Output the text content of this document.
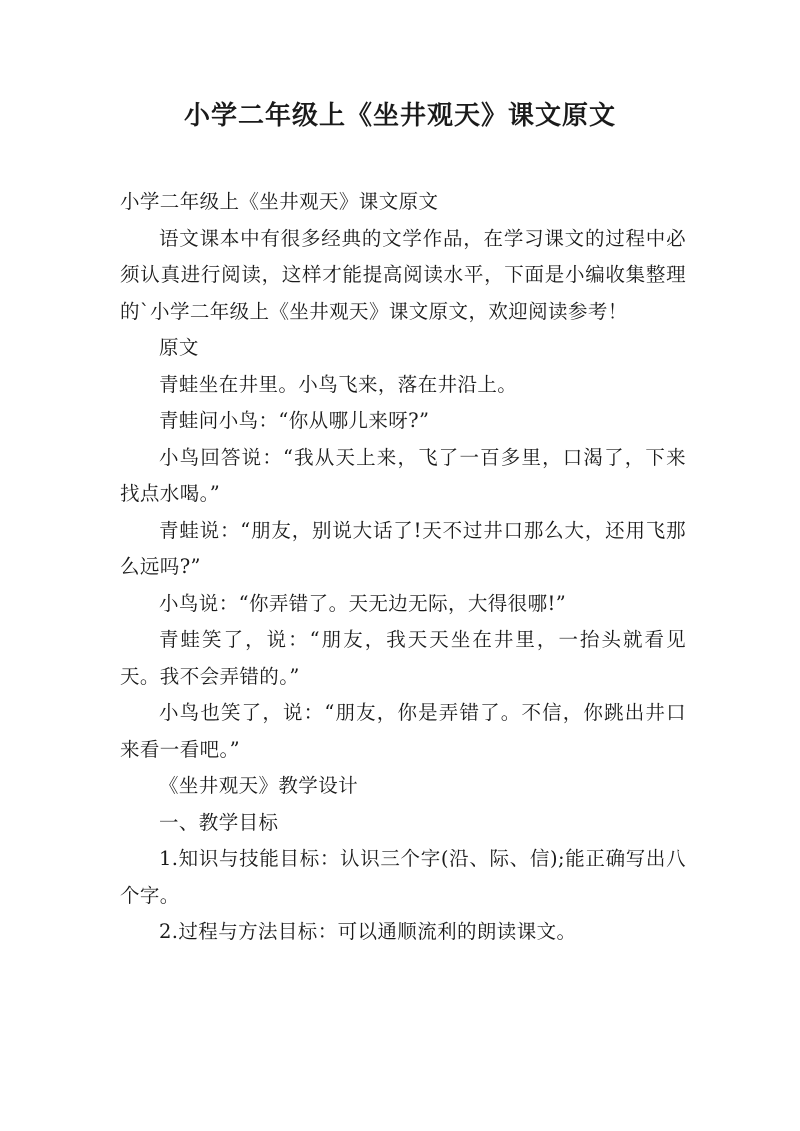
小学二年级上《坐井观天》课文原文

小学二年级上《坐井观天》课文原文

语文课本中有很多经典的文学作品，在学习课文的过程中必须认真进行阅读，这样才能提高阅读水平，下面是小编收集整理的`小学二年级上《坐井观天》课文原文，欢迎阅读参考！

原文

青蛙坐在井里。小鸟飞来，落在井沿上。

青蛙问小鸟：“你从哪儿来呀?”

小鸟回答说：“我从天上来，飞了一百多里，口渴了，下来找点水喝。”

青蛙说：“朋友，别说大话了!天不过井口那么大，还用飞那么远吗?”

小鸟说：“你弄错了。天无边无际，大得很哪!”

青蛙笑了，说：“朋友，我天天坐在井里，一抬头就看见天。我不会弄错的。”

小鸟也笑了，说：“朋友，你是弄错了。不信，你跳出井口来看一看吧。”

《坐井观天》教学设计

一、教学目标

1.知识与技能目标：认识三个字(沿、际、信);能正确写出八个字。

2.过程与方法目标：可以通顺流利的朗读课文。
